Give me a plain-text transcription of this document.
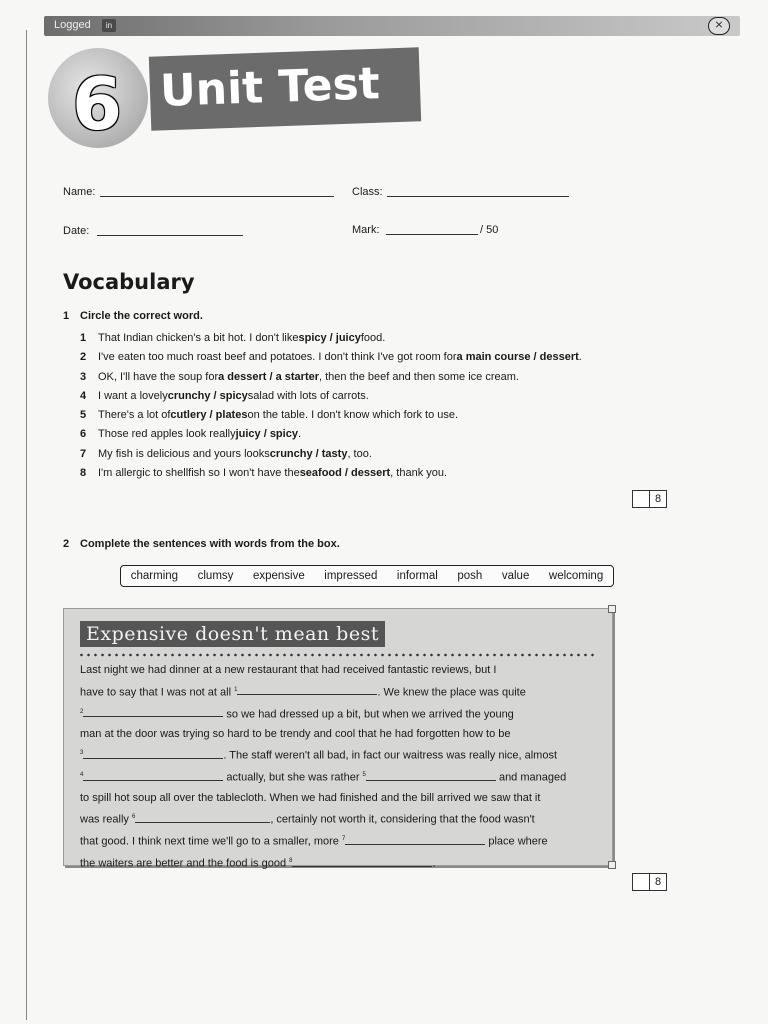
Logged	in	⨯
6 Unit Test
Name:	Class:
Date:	Mark:	/ 50
Vocabulary
1 Circle the correct word.
1	That Indian chicken's a bit hot. I don't like spicy / juicy food.
2	I've eaten too much roast beef and potatoes. I don't think I've got room for a main course / dessert .
3	OK, I'll have the soup for a dessert / a starter , then the beef and then some ice cream.
4	I want a lovely crunchy / spicy salad with lots of carrots.
5	There's a lot of cutlery / plates on the table. I don't know which fork to use.
6	Those red apples look really juicy / spicy .
7	My fish is delicious and yours looks crunchy / tasty , too.
8	I'm allergic to shellfish so I won't have the seafood / dessert , thank you.
8
2 Complete the sentences with words from the box.
charming clumsy expensive impressed informal posh value welcoming
Expensive doesn't mean best
Last night we had dinner at a new restaurant that had received fantastic reviews, but I
have to say that I was not at all $^1$	. We knew the place was quite
$^2$	so we had dressed up a bit, but when we arrived the young
man at the door was trying so hard to be trendy and cool that he had forgotten how to be
$^3$	. The staff weren't all bad, in fact our waitress was really nice, almost
$^4$	actually, but she was rather $^5$	and managed
to spill hot soup all over the tablecloth. When we had finished and the bill arrived we saw that it
was really $^6$	, certainly not worth it, considering that the food wasn't
that good. I think next time we'll go to a smaller, more $^7$	place where
the waiters are better and the food is good $^8$	.
8
